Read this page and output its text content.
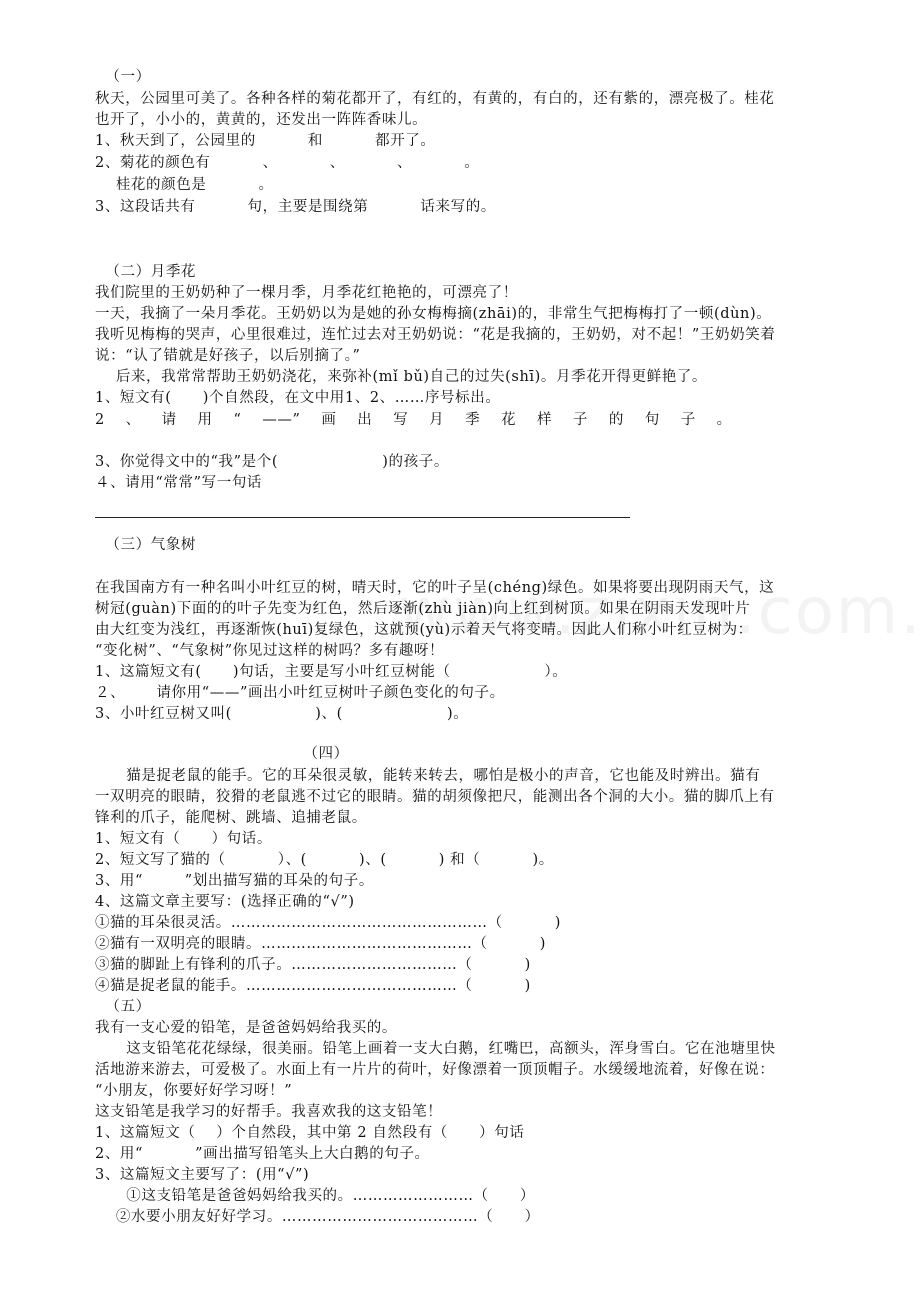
（一）
秋天，公园里可美了。各种各样的菊花都开了，有红的，有黄的，有白的，还有紫的，漂亮极了。桂花
也开了，小小的，黄黄的，还发出一阵阵香味儿。
1、秋天到了，公园里的          和          都开了。
2、菊花的颜色有          、          、          、          。
桂花的颜色是          。
3、这段话共有          句，主要是围绕第          话来写的。
（二）月季花
我们院里的王奶奶种了一棵月季，月季花红艳艳的，可漂亮了！
一天，我摘了一朵月季花。王奶奶以为是她的孙女梅梅摘(zhāi)的，非常生气把梅梅打了一顿(dùn)。
我听见梅梅的哭声，心里很难过，连忙过去对王奶奶说：“花是我摘的，王奶奶，对不起！”王奶奶笑着
说：“认了错就是好孩子，以后别摘了。”
后来，我常常帮助王奶奶浇花，来弥补(mǐ bǔ)自己的过失(shī)。月季花开得更鲜艳了。
1、短文有(      )个自然段，在文中用1、2、……序号标出。
2    、    请    用    “    ——”    画    出    写    月    季    花    样    子    的    句    子    。
3、你觉得文中的“我”是个(                    )的孩子。
４、请用“常常”写一句话
（三）气象树
在我国南方有一种名叫小叶红豆的树，晴天时，它的叶子呈(chéng)绿色。如果将要出现阴雨天气，这
树冠(guàn)下面的的叶子先变为红色，然后逐渐(zhù jiàn)向上红到树顶。如果在阴雨天发现叶片
由大红变为浅红，再逐渐恢(huī)复绿色，这就预(yù)示着天气将变晴。因此人们称小叶红豆树为：
“变化树”、“气象树”你见过这样的树吗？多有趣呀！
1、这篇短文有(      )句话，主要是写小叶红豆树能（                  ）。
２、      请你用“——”画出小叶红豆树叶子颜色变化的句子。
3、小叶红豆树又叫(                )、(                    )。
（四）
猫是捉老鼠的能手。它的耳朵很灵敏，能转来转去，哪怕是极小的声音，它也能及时辨出。猫有
一双明亮的眼睛，狡猾的老鼠逃不过它的眼睛。猫的胡须像把尺，能测出各个洞的大小。猫的脚爪上有
锋利的爪子，能爬树、跳墙、追捕老鼠。
1、短文有（      ）句话。
2、短文写了猫的（          ）、(          )、(          ) 和（          )。
3、用“        ”划出描写猫的耳朵的句子。
4、这篇文章主要写：(选择正确的“√”)
①猫的耳朵很灵活。……………………………………………（          )
②猫有一双明亮的眼睛。……………………………………（          )
③猫的脚趾上有锋利的爪子。……………………………（          )
④猫是捉老鼠的能手。……………………………………（          )
（五）
我有一支心爱的铅笔，是爸爸妈妈给我买的。
这支铅笔花花绿绿，很美丽。铅笔上画着一支大白鹅，红嘴巴，高额头，浑身雪白。它在池塘里快
活地游来游去，可爱极了。水面上有一片片的荷叶，好像漂着一顶顶帽子。水缓缓地流着，好像在说：
“小朋友，你要好好学习呀！”
这支铅笔是我学习的好帮手。我喜欢我的这支铅笔！
1、这篇短文（    ）个自然段，其中第 2 自然段有（      ）句话
2、用“          ”画出描写铅笔头上大白鹅的句子。
3、这篇短文主要写了：(用“√”)
①这支铅笔是爸爸妈妈给我买的。……………………（      ）
②水要小朋友好好学习。…………………………………（      ）
